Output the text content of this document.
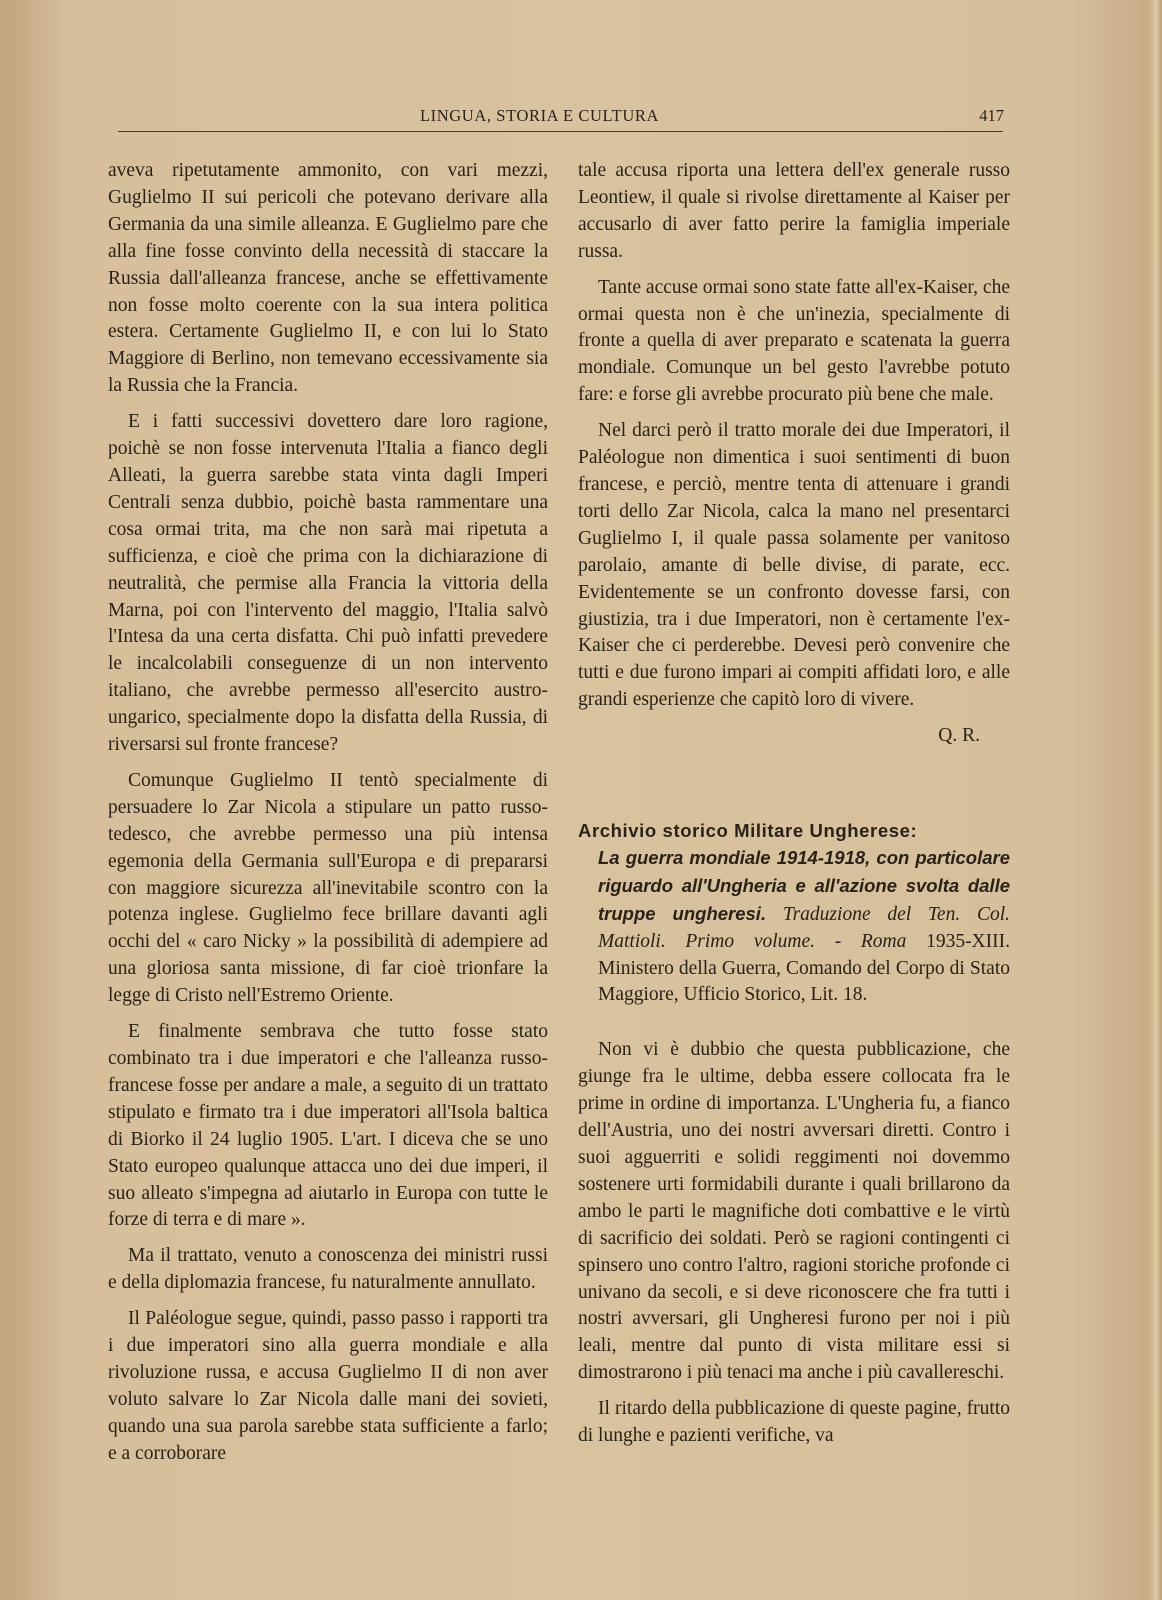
LINGUA, STORIA E CULTURA	417

aveva ripetutamente ammonito, con vari mezzi, Guglielmo II sui pericoli che potevano derivare alla Germania da una simile alleanza. E Guglielmo pare che alla fine fosse convinto della necessità di staccare la Russia dall'alleanza francese, anche se effettivamente non fosse molto coerente con la sua intera politica estera. Certamente Guglielmo II, e con lui lo Stato Maggiore di Berlino, non temevano eccessivamente sia la Russia che la Francia.

E i fatti successivi dovettero dare loro ragione, poichè se non fosse intervenuta l'Italia a fianco degli Alleati, la guerra sarebbe stata vinta dagli Imperi Centrali senza dubbio, poichè basta rammentare una cosa ormai trita, ma che non sarà mai ripetuta a sufficienza, e cioè che prima con la dichiarazione di neutralità, che permise alla Francia la vittoria della Marna, poi con l'intervento del maggio, l'Italia salvò l'Intesa da una certa disfatta. Chi può infatti prevedere le incalcolabili conseguenze di un non intervento italiano, che avrebbe permesso all'esercito austro-ungarico, specialmente dopo la disfatta della Russia, di riversarsi sul fronte francese?

Comunque Guglielmo II tentò specialmente di persuadere lo Zar Nicola a stipulare un patto russo-tedesco, che avrebbe permesso una più intensa egemonia della Germania sull'Europa e di prepararsi con maggiore sicurezza all'inevitabile scontro con la potenza inglese. Guglielmo fece brillare davanti agli occhi del « caro Nicky » la possibilità di adempiere ad una gloriosa santa missione, di far cioè trionfare la legge di Cristo nell'Estremo Oriente.

E finalmente sembrava che tutto fosse stato combinato tra i due imperatori e che l'alleanza russo-francese fosse per andare a male, a seguito di un trattato stipulato e firmato tra i due imperatori all'Isola baltica di Biorko il 24 luglio 1905. L'art. I diceva che se uno Stato europeo qualunque attacca uno dei due imperi, il suo alleato s'impegna ad aiutarlo in Europa con tutte le forze di terra e di mare ».

Ma il trattato, venuto a conoscenza dei ministri russi e della diplomazia francese, fu naturalmente annullato.

Il Paléologue segue, quindi, passo passo i rapporti tra i due imperatori sino alla guerra mondiale e alla rivoluzione russa, e accusa Guglielmo II di non aver voluto salvare lo Zar Nicola dalle mani dei sovieti, quando una sua parola sarebbe stata sufficiente a farlo; e a corroborare

tale accusa riporta una lettera dell'ex generale russo Leontiew, il quale si rivolse direttamente al Kaiser per accusarlo di aver fatto perire la famiglia imperiale russa.

Tante accuse ormai sono state fatte all'ex-Kaiser, che ormai questa non è che un'inezia, specialmente di fronte a quella di aver preparato e scatenata la guerra mondiale. Comunque un bel gesto l'avrebbe potuto fare: e forse gli avrebbe procurato più bene che male.

Nel darci però il tratto morale dei due Imperatori, il Paléologue non dimentica i suoi sentimenti di buon francese, e perciò, mentre tenta di attenuare i grandi torti dello Zar Nicola, calca la mano nel presentarci Guglielmo I, il quale passa solamente per vanitoso parolaio, amante di belle divise, di parate, ecc. Evidentemente se un confronto dovesse farsi, con giustizia, tra i due Imperatori, non è certamente l'ex-Kaiser che ci perderebbe. Devesi però convenire che tutti e due furono impari ai compiti affidati loro, e alle grandi esperienze che capitò loro di vivere.

Q. R.

Archivio storico Militare Ungherese:
La guerra mondiale 1914-1918, con particolare riguardo all'Ungheria e all'azione svolta dalle truppe ungheresi. Traduzione del Ten. Col. Mattioli. Primo volume. - Roma 1935-XIII. Ministero della Guerra, Comando del Corpo di Stato Maggiore, Ufficio Storico, Lit. 18.

Non vi è dubbio che questa pubblicazione, che giunge fra le ultime, debba essere collocata fra le prime in ordine di importanza. L'Ungheria fu, a fianco dell'Austria, uno dei nostri avversari diretti. Contro i suoi agguerriti e solidi reggimenti noi dovemmo sostenere urti formidabili durante i quali brillarono da ambo le parti le magnifiche doti combattive e le virtù di sacrificio dei soldati. Però se ragioni contingenti ci spinsero uno contro l'altro, ragioni storiche profonde ci univano da secoli, e si deve riconoscere che fra tutti i nostri avversari, gli Ungheresi furono per noi i più leali, mentre dal punto di vista militare essi si dimostrarono i più tenaci ma anche i più cavallereschi.

Il ritardo della pubblicazione di queste pagine, frutto di lunghe e pazienti verifiche, va
